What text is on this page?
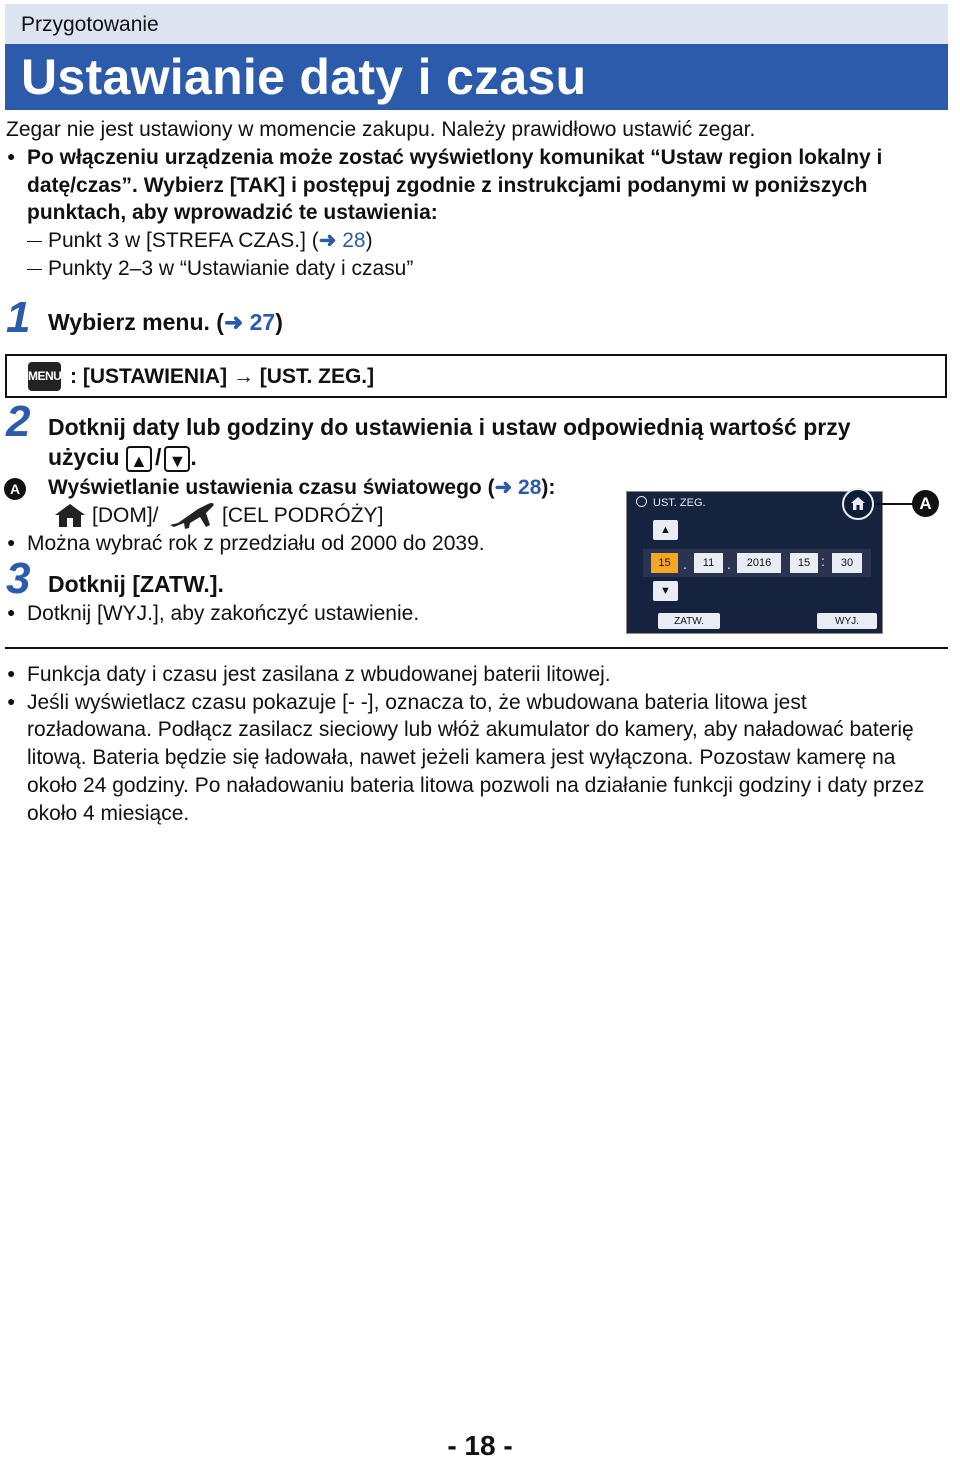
Przygotowanie
Ustawianie daty i czasu
Zegar nie jest ustawiony w momencie zakupu. Należy prawidłowo ustawić zegar.
● Po włączeniu urządzenia może zostać wyświetlony komunikat “Ustaw region lokalny i
datę/czas”. Wybierz [TAK] i postępuj zgodnie z instrukcjami podanymi w poniższych
punktach, aby wprowadzić te ustawienia:
Punkt 3 w [STREFA CZAS.] (➜ 28)
Punkty 2–3 w “Ustawianie daty i czasu”
1 Wybierz menu. (➜ 27)
MENU : [USTAWIENIA] → [UST. ZEG.]
2 Dotknij daty lub godziny do ustawienia i ustaw odpowiednią wartość przy
użyciu ▲ / ▼ .
A Wyświetlanie ustawienia czasu światowego (➜ 28):
[DOM]/	[CEL PODRÓŻY]
● Można wybrać rok z przedziału od 2000 do 2039.
3 Dotknij [ZATW.].
● Dotknij [WYJ.], aby zakończyć ustawienie.
UST. ZEG.	A
▲
15 .	11 .	2016	15 :	30
▼
ZATW.	WYJ.
● Funkcja daty i czasu jest zasilana z wbudowanej baterii litowej.
● Jeśli wyświetlacz czasu pokazuje [- -], oznacza to, że wbudowana bateria litowa jest
rozładowana. Podłącz zasilacz sieciowy lub włóż akumulator do kamery, aby naładować baterię
litową. Bateria będzie się ładowała, nawet jeżeli kamera jest wyłączona. Pozostaw kamerę na
około 24 godziny. Po naładowaniu bateria litowa pozwoli na działanie funkcji godziny i daty przez
około 4 miesiące.
- 18 -
